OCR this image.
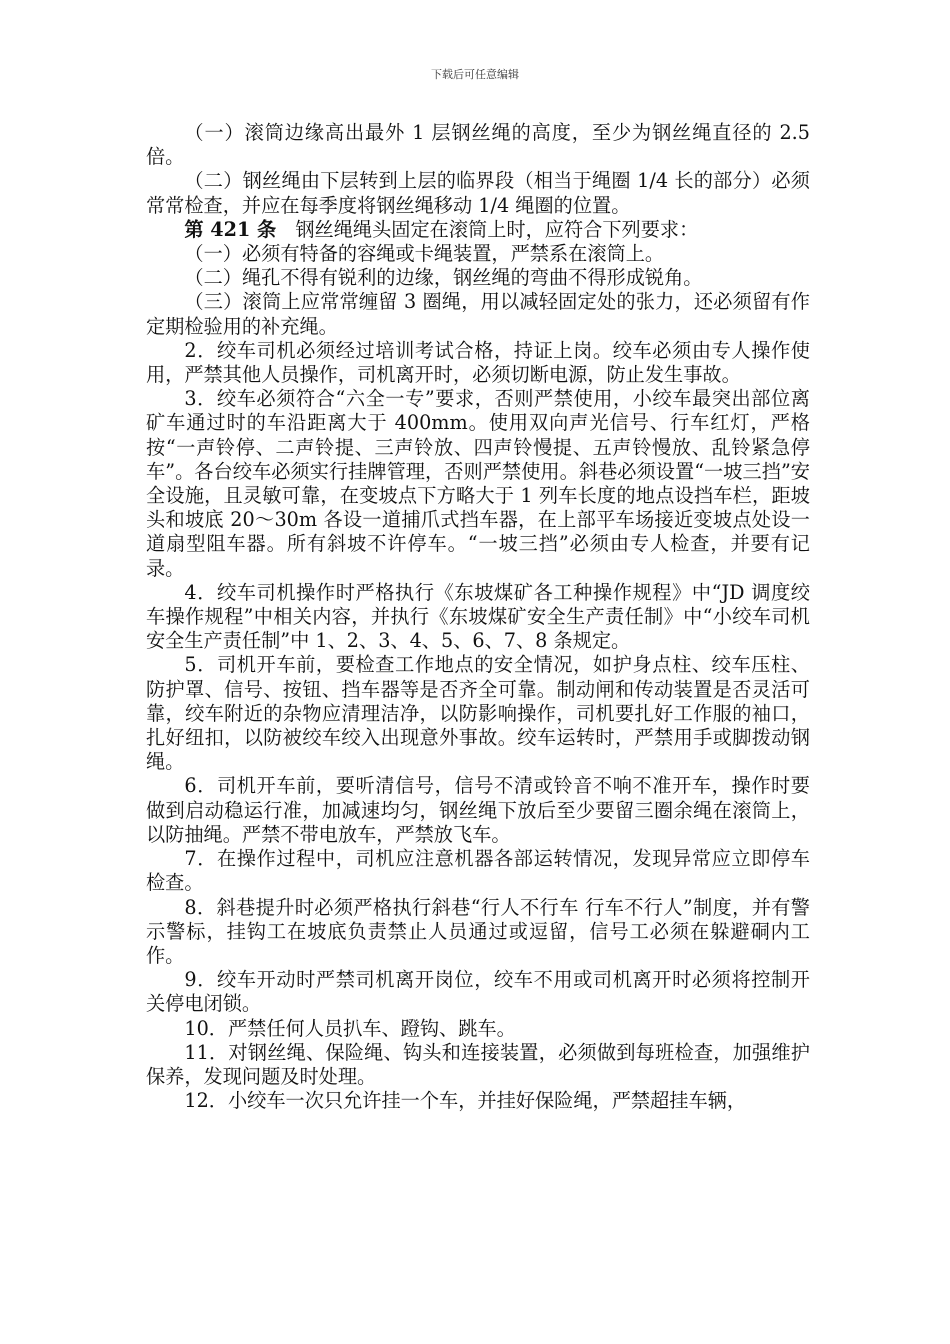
下载后可任意编辑

（一）滚筒边缘高出最外 1 层钢丝绳的高度，至少为钢丝绳直径的 2.5 倍。

（二）钢丝绳由下层转到上层的临界段（相当于绳圈 1/4 长的部分）必须常常检查，并应在每季度将钢丝绳移动 1/4 绳圈的位置。

第 421 条　钢丝绳绳头固定在滚筒上时，应符合下列要求：

（一）必须有特备的容绳或卡绳装置，严禁系在滚筒上。

（二）绳孔不得有锐利的边缘，钢丝绳的弯曲不得形成锐角。

（三）滚筒上应常常缠留 3 圈绳，用以减轻固定处的张力，还必须留有作定期检验用的补充绳。

2．绞车司机必须经过培训考试合格，持证上岗。绞车必须由专人操作使用，严禁其他人员操作，司机离开时，必须切断电源，防止发生事故。

3．绞车必须符合“六全一专”要求，否则严禁使用，小绞车最突出部位离矿车通过时的车沿距离大于 400mm。使用双向声光信号、行车红灯，严格按“一声铃停、二声铃提、三声铃放、四声铃慢提、五声铃慢放、乱铃紧急停车”。各台绞车必须实行挂牌管理，否则严禁使用。斜巷必须设置“一坡三挡”安全设施，且灵敏可靠，在变坡点下方略大于 1 列车长度的地点设挡车栏，距坡头和坡底 20～30m 各设一道捕爪式挡车器，在上部平车场接近变坡点处设一道扇型阻车器。所有斜坡不许停车。“一坡三挡”必须由专人检查，并要有记录。

4．绞车司机操作时严格执行《东坡煤矿各工种操作规程》中“JD 调度绞车操作规程”中相关内容，并执行《东坡煤矿安全生产责任制》中“小绞车司机安全生产责任制”中 1、2、3、4、5、6、7、8 条规定。

5．司机开车前，要检查工作地点的安全情况，如护身点柱、绞车压柱、防护罩、信号、按钮、挡车器等是否齐全可靠。制动闸和传动装置是否灵活可靠，绞车附近的杂物应清理洁净，以防影响操作，司机要扎好工作服的袖口，扎好纽扣，以防被绞车绞入出现意外事故。绞车运转时，严禁用手或脚拨动钢绳。

6．司机开车前，要听清信号，信号不清或铃音不响不准开车，操作时要做到启动稳运行准，加减速均匀，钢丝绳下放后至少要留三圈余绳在滚筒上，以防抽绳。严禁不带电放车，严禁放飞车。

7．在操作过程中，司机应注意机器各部运转情况，发现异常应立即停车检查。

8．斜巷提升时必须严格执行斜巷“行人不行车 行车不行人”制度，并有警示警标，挂钩工在坡底负责禁止人员通过或逗留，信号工必须在躲避硐内工作。

9．绞车开动时严禁司机离开岗位，绞车不用或司机离开时必须将控制开关停电闭锁。

10．严禁任何人员扒车、蹬钩、跳车。

11．对钢丝绳、保险绳、钩头和连接装置，必须做到每班检查，加强维护保养，发现问题及时处理。

12．小绞车一次只允许挂一个车，并挂好保险绳，严禁超挂车辆，
